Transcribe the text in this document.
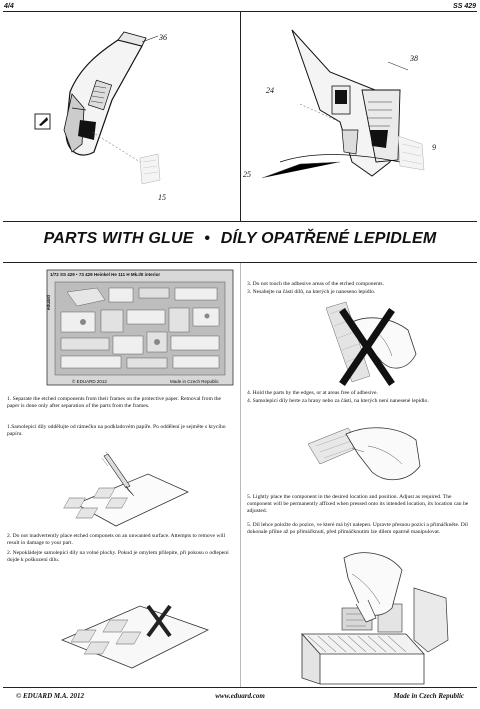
4/4	SS 429
36
15
38
24
25
9
PARTS WITH GLUE • DÍLY OPATŘENÉ LEPIDLEM
1/72 SS 429 • 73 429 Heinkel He 111 H Mk.I/II interior
eduard
© EDUARD 2012	Made in Czech Republic

1. Separate the etched components from their frames on the protective paper. Removal from the paper is done only after separation of the parts from the frames.

1.Samolepicí díly oddělujte od rámečku na podkladovém papíře. Po oddělení je sejměte s krycího papíru.

2. Do not inadvertently place etched componets on an unwanted surface. Attempts to remove will result in damage to your part.

2. Nepokládejte samolepicí díly na volné plochy. Pokud je omylem přilepíte, při pokusu o odlepení dojde k poškození dílu.

3. Do not touch the adhesive areas of the etched components.

3. Nesahejte na části dílů, na kterých je naneseno lepidlo.

4. Hold the parts by the edges, or at areas free of adhesive.

4. Samolepicí díly berte za hrany nebo za části, na kterých není nanesené lepidlo.

5. Lightly place the component in the desired location and position. Adjust as required. The component will be permanently affixed when pressed onto its intended location, its location can be adjusted.

5. Díl lehce položte do pozice, ve které má být nalepen. Upravte přesnou pozici a přimáčkněte. Díl dokonale přilne až po přimáčknutí, před přimáčknutím lze dílem opatrně manipulovat.

© EDUARD M.A. 2012	www.eduard.com	Made in Czech Republic
